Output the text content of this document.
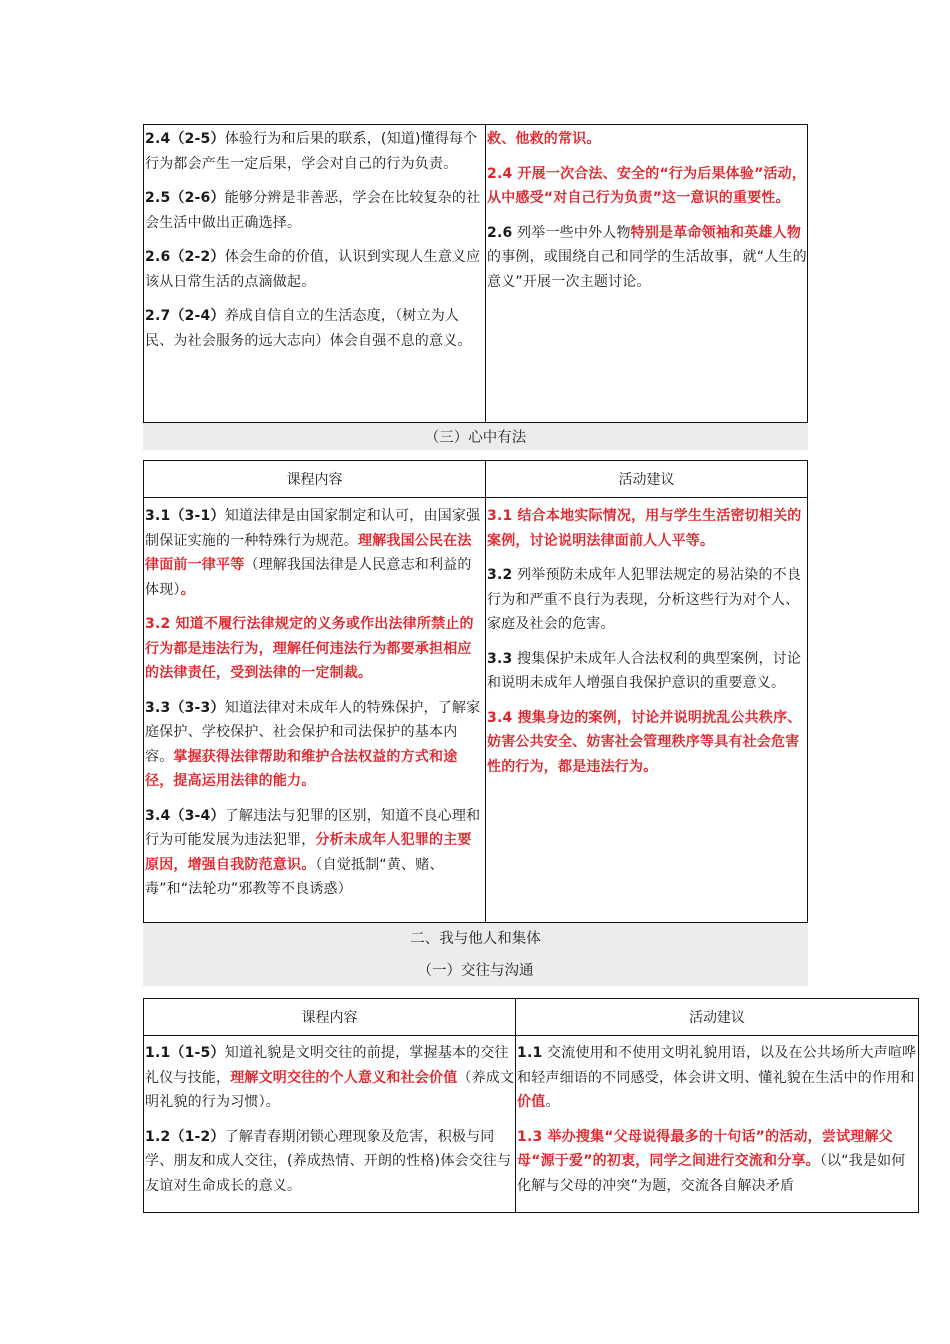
2.4（2-5）体验行为和后果的联系，(知道)懂得每个行为都会产生一定后果，学会对自己的行为负责。

2.5（2-6）能够分辨是非善恶，学会在比较复杂的社会生活中做出正确选择。

2.6（2-2）体会生命的价值，认识到实现人生意义应该从日常生活的点滴做起。

2.7（2-4）养成自信自立的生活态度，（树立为人民、为社会服务的远大志向）体会自强不息的意义。

救、他救的常识。

2.4 开展一次合法、安全的“行为后果体验”活动，从中感受“对自己行为负责”这一意识的重要性。

2.6 列举一些中外人物特别是革命领袖和英雄人物的事例，或围绕自己和同学的生活故事，就“人生的意义”开展一次主题讨论。

（三）心中有法
课程内容	活动建议

3.1（3-1）知道法律是由国家制定和认可，由国家强制保证实施的一种特殊行为规范。理解我国公民在法律面前一律平等（理解我国法律是人民意志和利益的体现）。

3.2 知道不履行法律规定的义务或作出法律所禁止的行为都是违法行为，理解任何违法行为都要承担相应的法律责任，受到法律的一定制裁。

3.3（3-3）知道法律对未成年人的特殊保护，了解家庭保护、学校保护、社会保护和司法保护的基本内容。掌握获得法律帮助和维护合法权益的方式和途径，提高运用法律的能力。

3.4（3-4）了解违法与犯罪的区别，知道不良心理和行为可能发展为违法犯罪，分析未成年人犯罪的主要原因，增强自我防范意识。（自觉抵制“黄、赌、毒”和“法轮功”邪教等不良诱惑）

3.1 结合本地实际情况，用与学生生活密切相关的案例，讨论说明法律面前人人平等。

3.2 列举预防未成年人犯罪法规定的易沾染的不良行为和严重不良行为表现，分析这些行为对个人、家庭及社会的危害。

3.3 搜集保护未成年人合法权利的典型案例，讨论和说明未成年人增强自我保护意识的重要意义。

3.4 搜集身边的案例，讨论并说明扰乱公共秩序、妨害公共安全、妨害社会管理秩序等具有社会危害性的行为，都是违法行为。

二、我与他人和集体
（一）交往与沟通
课程内容	活动建议

1.1（1-5）知道礼貌是文明交往的前提，掌握基本的交往礼仪与技能，理解文明交往的个人意义和社会价值（养成文明礼貌的行为习惯）。

1.2（1-2）了解青春期闭锁心理现象及危害，积极与同学、朋友和成人交往，(养成热情、开朗的性格)体会交往与友谊对生命成长的意义。

1.1 交流使用和不使用文明礼貌用语，以及在公共场所大声喧哗和轻声细语的不同感受，体会讲文明、懂礼貌在生活中的作用和价值。

1.3 举办搜集“父母说得最多的十句话”的活动，尝试理解父母“源于爱”的初衷，同学之间进行交流和分享。（以“我是如何化解与父母的冲突”为题，交流各自解决矛盾
